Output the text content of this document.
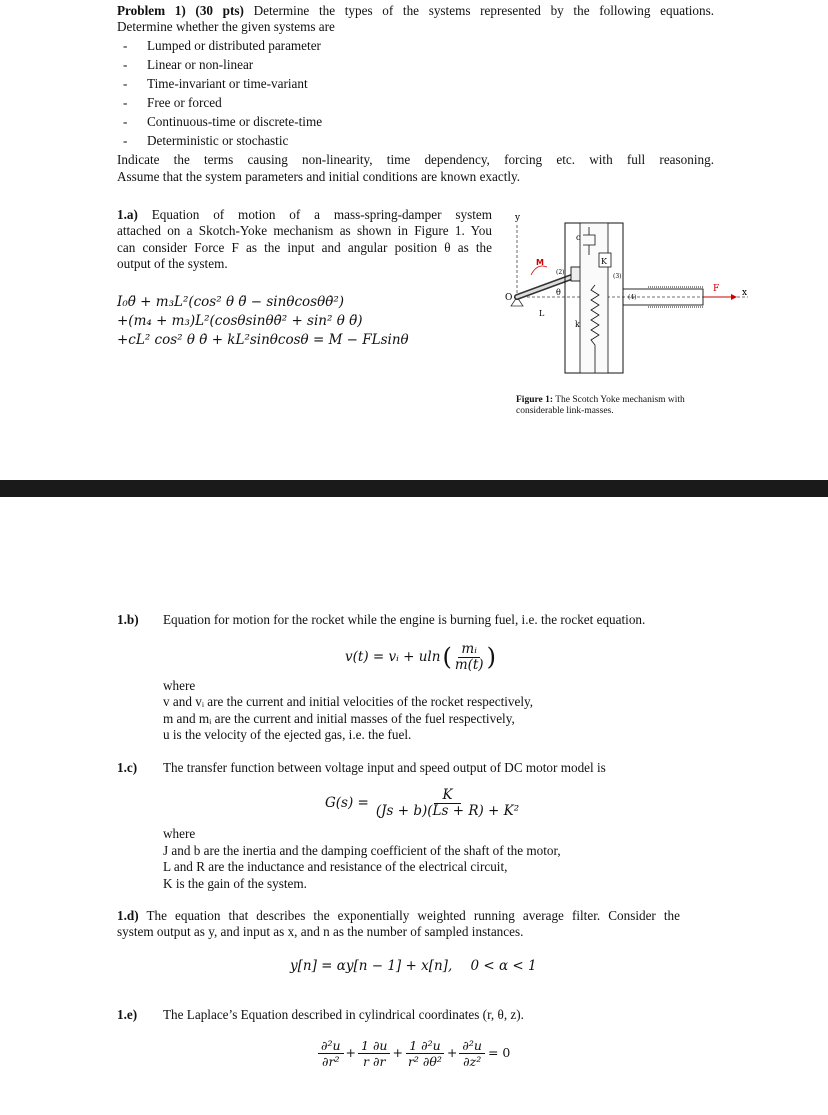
Problem 1) (30 pts) Determine the types of the systems represented by the following equations.
Determine whether the given systems are
- Lumped or distributed parameter
- Linear or non-linear
- Time-invariant or time-variant
- Free or forced
- Continuous-time or discrete-time
- Deterministic or stochastic
Indicate the terms causing non-linearity, time dependency, forcing etc. with full reasoning.
Assume that the system parameters and initial conditions are known exactly.
1.a) Equation of motion of a mass-spring-damper system
attached on a Skotch-Yoke mechanism as shown in Figure 1. You
can consider Force F as the input and angular position θ as the
output of the system.
I₀θ̈ + m₃L²(cos² θ θ̈ − sinθcosθθ̇²)
+(m₄ + m₃)L²(cosθsinθθ̇² + sin² θ θ̈)
+cL² cos² θ θ̇ + kL²sinθcosθ = M − FLsinθ
y
x
O
L
θ
M
(2)
c
K
(3)
k
(4)
F
Figure 1: The Scotch Yoke mechanism with
considerable link-masses.
1.b) Equation for motion for the rocket while the engine is burning fuel, i.e. the rocket equation.
v(t) = vᵢ + uln ( $\frac{\text{mᵢ}}{m(t)}$ )
where
v and vᵢ are the current and initial velocities of the rocket respectively,
m and mᵢ are the current and initial masses of the fuel respectively,
u is the velocity of the ejected gas, i.e. the fuel.
1.c) The transfer function between voltage input and speed output of DC motor model is
$G(s) = \frac{K}{\text{(Js + b)(Ls + R) + K²}}$
where
J and b are the inertia and the damping coefficient of the shaft of the motor,
L and R are the inductance and resistance of the electrical circuit,
K is the gain of the system.
1.d) The equation that describes the exponentially weighted running average filter. Consider the
system output as y, and input as x, and n as the number of sampled instances.
y[n] = αy[n − 1] + x[n], 0 < α < 1
1.e) The Laplace’s Equation described in cylindrical coordinates (r, θ, z).
$\frac{\text{∂²u}}{\text{∂r²}} + \frac{1 \partial u}{r \partial r} + \frac{\text{1 ∂²u}}{\text{r² ∂θ²}} + \frac{\text{∂²u}}{\text{∂z²}} = 0$
